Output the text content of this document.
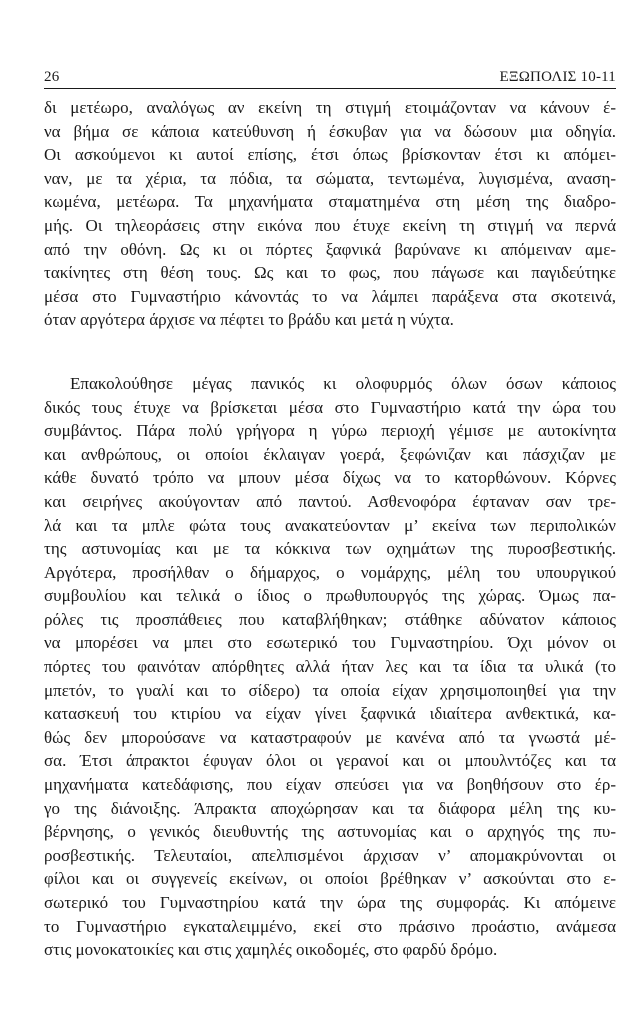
26	ΕΞΩΠΟΛΙΣ 10-11
δι μετέωρο, αναλόγως αν εκείνη τη στιγμή ετοιμάζονταν να κάνουν έ-
να βήμα σε κάποια κατεύθυνση ή έσκυβαν για να δώσουν μια οδηγία.
Οι ασκούμενοι κι αυτοί επίσης, έτσι όπως βρίσκονταν έτσι κι απόμει-
ναν, με τα χέρια, τα πόδια, τα σώματα, τεντωμένα, λυγισμένα, αναση-
κωμένα, μετέωρα. Τα μηχανήματα σταματημένα στη μέση της διαδρο-
μής. Οι τηλεοράσεις στην εικόνα που έτυχε εκείνη τη στιγμή να περνά
από την οθόνη. Ως κι οι πόρτες ξαφνικά βαρύνανε κι απόμειναν αμε-
τακίνητες στη θέση τους. Ως και το φως, που πάγωσε και παγιδεύτηκε
μέσα στο Γυμναστήριο κάνοντάς το να λάμπει παράξενα στα σκοτεινά,
όταν αργότερα άρχισε να πέφτει το βράδυ και μετά η νύχτα.
Επακολούθησε μέγας πανικός κι ολοφυρμός όλων όσων κάποιος
δικός τους έτυχε να βρίσκεται μέσα στο Γυμναστήριο κατά την ώρα του
συμβάντος. Πάρα πολύ γρήγορα η γύρω περιοχή γέμισε με αυτοκίνητα
και ανθρώπους, οι οποίοι έκλαιγαν γοερά, ξεφώνιζαν και πάσχιζαν με
κάθε δυνατό τρόπο να μπουν μέσα δίχως να το κατορθώνουν. Κόρνες
και σειρήνες ακούγονταν από παντού. Ασθενοφόρα έφταναν σαν τρε-
λά και τα μπλε φώτα τους ανακατεύονταν μ’ εκείνα των περιπολικών
της αστυνομίας και με τα κόκκινα των οχημάτων της πυροσβεστικής.
Αργότερα, προσήλθαν ο δήμαρχος, ο νομάρχης, μέλη του υπουργικού
συμβουλίου και τελικά ο ίδιος ο πρωθυπουργός της χώρας. Όμως πα-
ρόλες τις προσπάθειες που καταβλήθηκαν; στάθηκε αδύνατον κάποιος
να μπορέσει να μπει στο εσωτερικό του Γυμναστηρίου. Όχι μόνον οι
πόρτες του φαινόταν απόρθητες αλλά ήταν λες και τα ίδια τα υλικά (το
μπετόν, το γυαλί και το σίδερο) τα οποία είχαν χρησιμοποιηθεί για την
κατασκευή του κτιρίου να είχαν γίνει ξαφνικά ιδιαίτερα ανθεκτικά, κα-
θώς δεν μπορούσανε να καταστραφούν με κανένα από τα γνωστά μέ-
σα. Έτσι άπρακτοι έφυγαν όλοι οι γερανοί και οι μπουλντόζες και τα
μηχανήματα κατεδάφισης, που είχαν σπεύσει για να βοηθήσουν στο έρ-
γο της διάνοιξης. Άπρακτα αποχώρησαν και τα διάφορα μέλη της κυ-
βέρνησης, ο γενικός διευθυντής της αστυνομίας και ο αρχηγός της πυ-
ροσβεστικής. Τελευταίοι, απελπισμένοι άρχισαν ν’ απομακρύνονται οι
φίλοι και οι συγγενείς εκείνων, οι οποίοι βρέθηκαν ν’ ασκούνται στο ε-
σωτερικό του Γυμναστηρίου κατά την ώρα της συμφοράς. Κι απόμεινε
το Γυμναστήριο εγκαταλειμμένο, εκεί στο πράσινο προάστιο, ανάμεσα
στις μονοκατοικίες και στις χαμηλές οικοδομές, στο φαρδύ δρόμο.
